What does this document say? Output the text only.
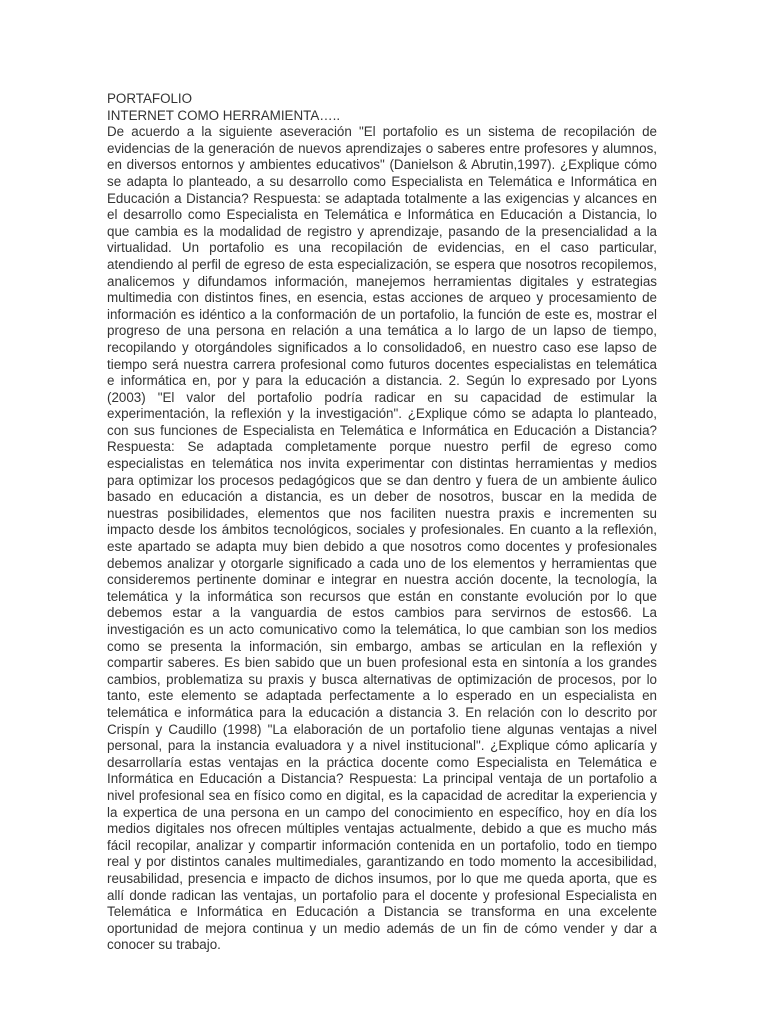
PORTAFOLIO
INTERNET COMO HERRAMIENTA…..
De acuerdo a la siguiente aseveración "El portafolio es un sistema de recopilación de
evidencias de la generación de nuevos aprendizajes o saberes entre profesores y alumnos,
en diversos entornos y ambientes educativos" (Danielson & Abrutin,1997). ¿Explique cómo
se adapta lo planteado, a su desarrollo como Especialista en Telemática e Informática en
Educación a Distancia? Respuesta: se adaptada totalmente a las exigencias y alcances en
el desarrollo como Especialista en Telemática e Informática en Educación a Distancia, lo
que cambia es la modalidad de registro y aprendizaje, pasando de la presencialidad a la
virtualidad. Un portafolio es una recopilación de evidencias, en el caso particular,
atendiendo al perfil de egreso de esta especialización, se espera que nosotros recopilemos,
analicemos y difundamos información, manejemos herramientas digitales y estrategias
multimedia con distintos fines, en esencia, estas acciones de arqueo y procesamiento de
información es idéntico a la conformación de un portafolio, la función de este es, mostrar el
progreso de una persona en relación a una temática a lo largo de un lapso de tiempo,
recopilando y otorgándoles significados a lo consolidado6, en nuestro caso ese lapso de
tiempo será nuestra carrera profesional como futuros docentes especialistas en telemática
e informática en, por y para la educación a distancia. 2. Según lo expresado por Lyons
(2003) "El valor del portafolio podría radicar en su capacidad de estimular la
experimentación, la reflexión y la investigación". ¿Explique cómo se adapta lo planteado,
con sus funciones de Especialista en Telemática e Informática en Educación a Distancia?
Respuesta: Se adaptada completamente porque nuestro perfil de egreso como
especialistas en telemática nos invita experimentar con distintas herramientas y medios
para optimizar los procesos pedagógicos que se dan dentro y fuera de un ambiente áulico
basado en educación a distancia, es un deber de nosotros, buscar en la medida de
nuestras posibilidades, elementos que nos faciliten nuestra praxis e incrementen su
impacto desde los ámbitos tecnológicos, sociales y profesionales. En cuanto a la reflexión,
este apartado se adapta muy bien debido a que nosotros como docentes y profesionales
debemos analizar y otorgarle significado a cada uno de los elementos y herramientas que
consideremos pertinente dominar e integrar en nuestra acción docente, la tecnología, la
telemática y la informática son recursos que están en constante evolución por lo que
debemos estar a la vanguardia de estos cambios para servirnos de estos66. La
investigación es un acto comunicativo como la telemática, lo que cambian son los medios
como se presenta la información, sin embargo, ambas se articulan en la reflexión y
compartir saberes. Es bien sabido que un buen profesional esta en sintonía a los grandes
cambios, problematiza su praxis y busca alternativas de optimización de procesos, por lo
tanto, este elemento se adaptada perfectamente a lo esperado en un especialista en
telemática e informática para la educación a distancia 3. En relación con lo descrito por
Crispín y Caudillo (1998) "La elaboración de un portafolio tiene algunas ventajas a nivel
personal, para la instancia evaluadora y a nivel institucional". ¿Explique cómo aplicaría y
desarrollaría estas ventajas en la práctica docente como Especialista en Telemática e
Informática en Educación a Distancia? Respuesta: La principal ventaja de un portafolio a
nivel profesional sea en físico como en digital, es la capacidad de acreditar la experiencia y
la expertica de una persona en un campo del conocimiento en específico, hoy en día los
medios digitales nos ofrecen múltiples ventajas actualmente, debido a que es mucho más
fácil recopilar, analizar y compartir información contenida en un portafolio, todo en tiempo
real y por distintos canales multimediales, garantizando en todo momento la accesibilidad,
reusabilidad, presencia e impacto de dichos insumos, por lo que me queda aporta, que es
allí donde radican las ventajas, un portafolio para el docente y profesional Especialista en
Telemática e Informática en Educación a Distancia se transforma en una excelente
oportunidad de mejora continua y un medio además de un fin de cómo vender y dar a
conocer su trabajo.
